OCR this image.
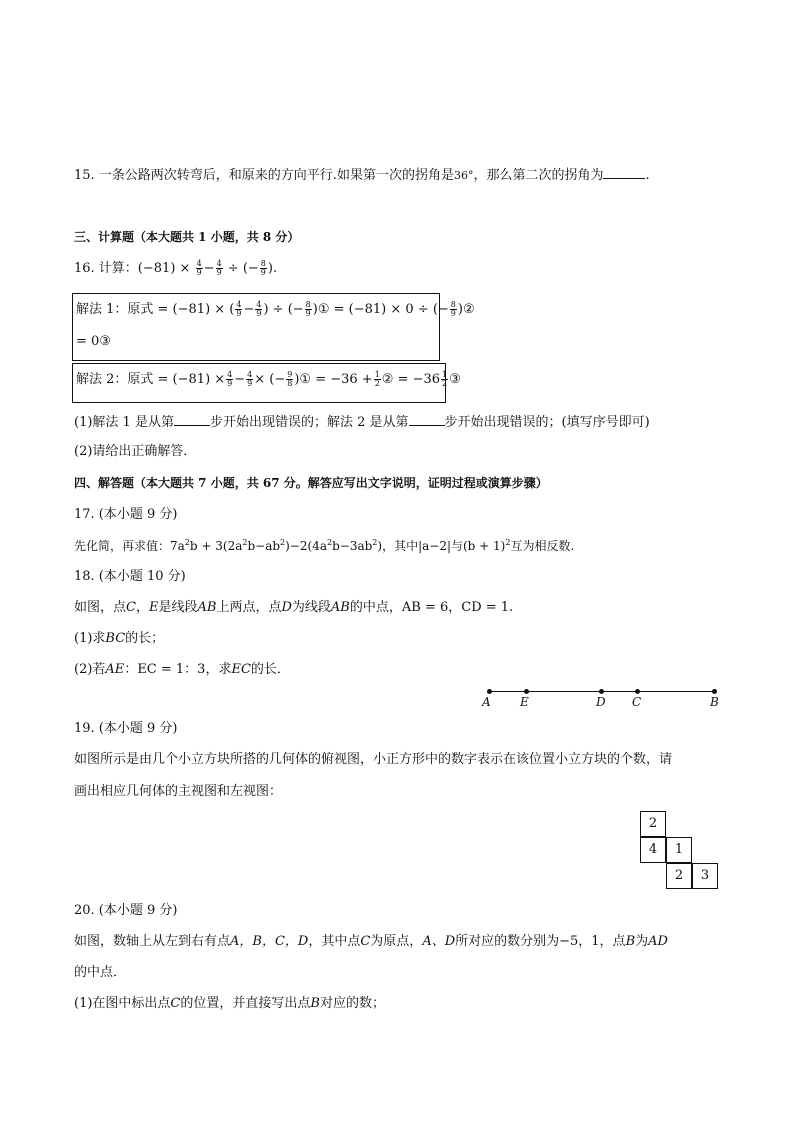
15. 一条公路两次转弯后，和原来的方向平行.如果第一次的拐角是36°，那么第二次的拐角为	.
三、计算题（本大题共 1 小题，共 8 分）
16. 计算：$(-81) \times \frac{4}{9} - \frac{4}{9}$ ÷ (− $\frac{8}{9}$ ).
解法 1：原式 = (−81) × ( $\frac{4}{9} - \frac{4}{9}$ ) ÷ (− $\frac{8}{9}$ )① = (−81) × 0 ÷ (− $\frac{8}{9}$ )②
= 0③
解法 2：原式 = $(-81) \times \frac{4}{9} - \frac{4}{9}$ × (− $\frac{9}{8}$ )① = $-36 + \frac{1}{2}$ ② = $-36 \frac{1}{2}$ ③
(1)解法 1 是从第	步开始出现错误的；解法 2 是从第	步开始出现错误的；(填写序号即可)
(2)请给出正确解答．
四、解答题（本大题共 7 小题，共 67 分。解答应写出文字说明，证明过程或演算步骤）
17. (本小题 9 分)
先化简，再求值：$7a^2b + 3(2a^2b-ab^2)-2(4a^2b-3ab^2)$，其中|a−2|与$(b + 1)^2$互为相反数.
18. (本小题 10 分)
如图，点C，E是线段AB上两点，点D为线段AB的中点，AB = 6，CD = 1.
(1)求BC的长；
(2)若AE：EC = 1：3，求EC的长．
A E	D C	B
19. (本小题 9 分)
如图所示是由几个小立方块所搭的几何体的俯视图，小正方形中的数字表示在该位置小立方块的个数，请
画出相应几何体的主视图和左视图：
2
4	1
2	3
20. (本小题 9 分)
如图，数轴上从左到右有点A，B，C，D，其中点C为原点，A、D所对应的数分别为−5，1，点B为AD
的中点．
(1)在图中标出点C的位置，并直接写出点B对应的数；
